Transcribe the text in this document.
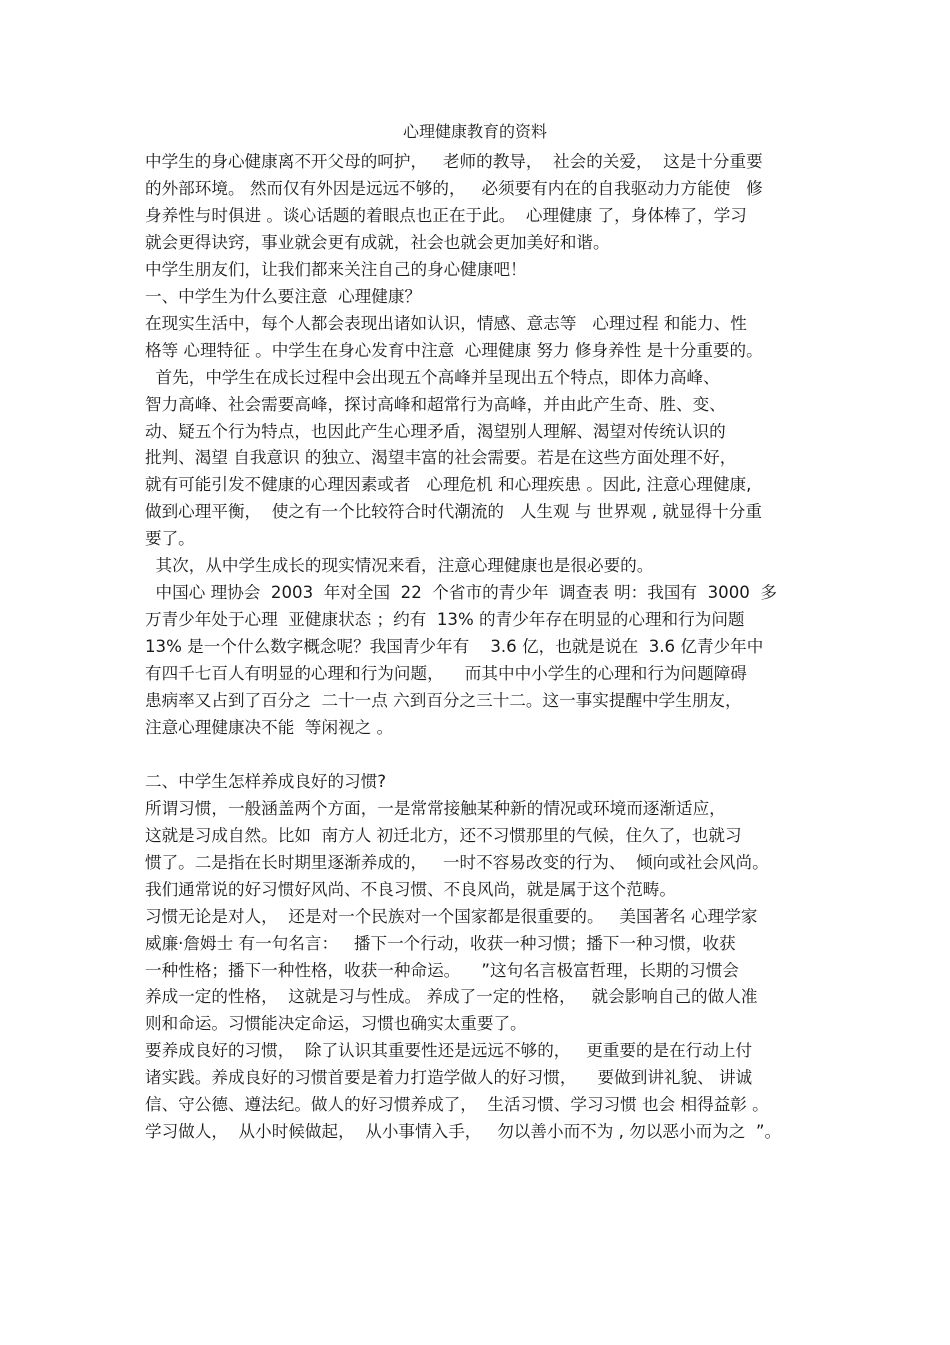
心理健康教育的资料
中学生的身心健康离不开父母的呵护，   老师的教导，  社会的关爱，  这是十分重要
的外部环境。 然而仅有外因是远远不够的，   必须要有内在的自我驱动力方能使   修
身养性与时俱进 。谈心话题的着眼点也正在于此。  心理健康 了，身体棒了，学习
就会更得诀窍，事业就会更有成就，社会也就会更加美好和谐。
中学生朋友们，让我们都来关注自己的身心健康吧！
一、中学生为什么要注意  心理健康？
在现实生活中，每个人都会表现出诸如认识，情感、意志等   心理过程 和能力、性
格等 心理特征 。中学生在身心发育中注意  心理健康 努力 修身养性 是十分重要的。
首先，中学生在成长过程中会出现五个高峰并呈现出五个特点，即体力高峰、
智力高峰、社会需要高峰，探讨高峰和超常行为高峰，并由此产生奇、胜、变、
动、疑五个行为特点，也因此产生心理矛盾，渴望别人理解、渴望对传统认识的
批判、渴望 自我意识 的独立、渴望丰富的社会需要。若是在这些方面处理不好，
就有可能引发不健康的心理因素或者   心理危机 和心理疾患 。因此, 注意心理健康,
做到心理平衡，  使之有一个比较符合时代潮流的   人生观 与 世界观 , 就显得十分重
要了。
其次，从中学生成长的现实情况来看，注意心理健康也是很必要的。
中国心 理协会  2003  年对全国  22  个省市的青少年  调查表 明：我国有  3000  多
万青少年处于心理  亚健康状态 ；约有  13% 的青少年存在明显的心理和行为问题
13% 是一个什么数字概念呢？我国青少年有    3.6 亿，也就是说在  3.6 亿青少年中
有四千七百人有明显的心理和行为问题，    而其中中小学生的心理和行为问题障碍
患病率又占到了百分之  二十一点 六到百分之三十二。这一事实提醒中学生朋友，
注意心理健康决不能  等闲视之 。
二、中学生怎样养成良好的习惯?
所谓习惯，一般涵盖两个方面，一是常常接触某种新的情况或环境而逐渐适应，
这就是习成自然。比如  南方人 初迁北方，还不习惯那里的气候，住久了，也就习
惯了。二是指在长时期里逐渐养成的，   一时不容易改变的行为、  倾向或社会风尚。
我们通常说的好习惯好风尚、不良习惯、不良风尚，就是属于这个范畴。
习惯无论是对人，  还是对一个民族对一个国家都是很重要的。   美国著名 心理学家
威廉·詹姆士 有一句名言：   播下一个行动，收获一种习惯；播下一种习惯，收获
一种性格；播下一种性格，收获一种命运。    ”这句名言极富哲理，长期的习惯会
养成一定的性格，  这就是习与性成。 养成了一定的性格，   就会影响自己的做人准
则和命运。习惯能决定命运，习惯也确实太重要了。
要养成良好的习惯，  除了认识其重要性还是远远不够的，   更重要的是在行动上付
诸实践。养成良好的习惯首要是着力打造学做人的好习惯，    要做到讲礼貌、 讲诚
信、守公德、遵法纪。做人的好习惯养成了，  生活习惯、学习习惯 也会 相得益彰 。
学习做人，  从小时候做起，  从小事情入手，   勿以善小而不为 , 勿以恶小而为之  ”。
